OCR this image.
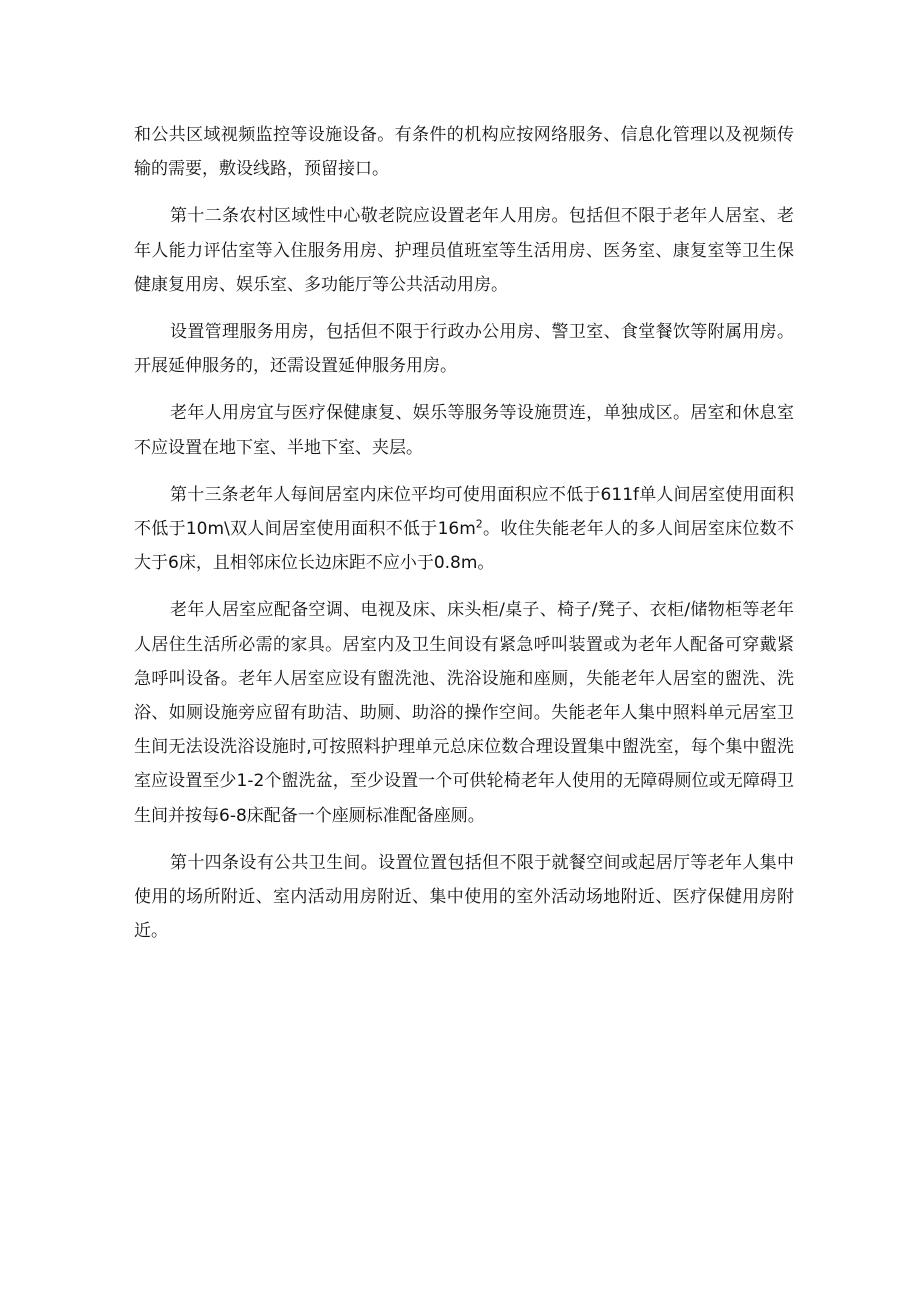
和公共区域视频监控等设施设备。有条件的机构应按网络服务、信息化管理以及视频传输的需要，敷设线路，预留接口。

第十二条农村区域性中心敬老院应设置老年人用房。包括但不限于老年人居室、老年人能力评估室等入住服务用房、护理员值班室等生活用房、医务室、康复室等卫生保健康复用房、娱乐室、多功能厅等公共活动用房。

设置管理服务用房，包括但不限于行政办公用房、警卫室、食堂餐饮等附属用房。开展延伸服务的，还需设置延伸服务用房。

老年人用房宜与医疗保健康复、娱乐等服务等设施贯连，单独成区。居室和休息室不应设置在地下室、半地下室、夹层。

第十三条老年人每间居室内床位平均可使用面积应不低于611f单人间居室使用面积不低于10m\双人间居室使用面积不低于$16m^2$。收住失能老年人的多人间居室床位数不大于6床，且相邻床位长边床距不应小于0.8m。

老年人居室应配备空调、电视及床、床头柜/桌子、椅子/凳子、衣柜/储物柜等老年人居住生活所必需的家具。居室内及卫生间设有紧急呼叫装置或为老年人配备可穿戴紧急呼叫设备。老年人居室应设有盥洗池、洗浴设施和座厕，失能老年人居室的盥洗、洗浴、如厕设施旁应留有助洁、助厕、助浴的操作空间。失能老年人集中照料单元居室卫生间无法设洗浴设施时,可按照料护理单元总床位数合理设置集中盥洗室，每个集中盥洗室应设置至少1-2个盥洗盆，至少设置一个可供轮椅老年人使用的无障碍厕位或无障碍卫生间并按每6-8床配备一个座厕标准配备座厕。

第十四条设有公共卫生间。设置位置包括但不限于就餐空间或起居厅等老年人集中使用的场所附近、室内活动用房附近、集中使用的室外活动场地附近、医疗保健用房附近。
